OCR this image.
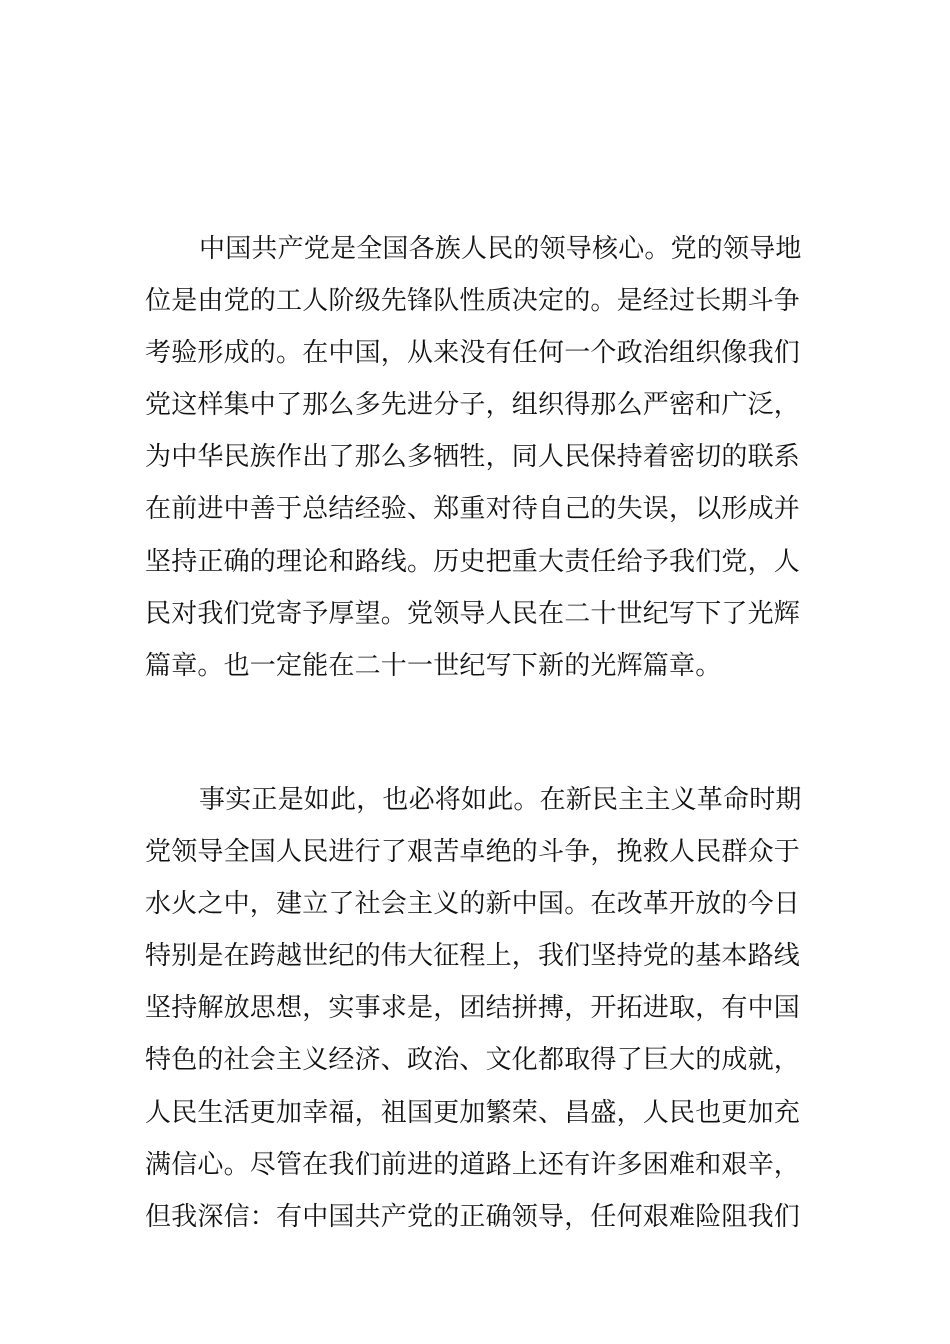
中国共产党是全国各族人民的领导核心。党的领导地
位是由党的工人阶级先锋队性质决定的。是经过长期斗争
考验形成的。在中国，从来没有任何一个政治组织像我们
党这样集中了那么多先进分子，组织得那么严密和广泛，
为中华民族作出了那么多牺牲，同人民保持着密切的联系
在前进中善于总结经验、郑重对待自己的失误，以形成并
坚持正确的理论和路线。历史把重大责任给予我们党，人
民对我们党寄予厚望。党领导人民在二十世纪写下了光辉
篇章。也一定能在二十一世纪写下新的光辉篇章。
事实正是如此，也必将如此。在新民主主义革命时期
党领导全国人民进行了艰苦卓绝的斗争，挽救人民群众于
水火之中，建立了社会主义的新中国。在改革开放的今日
特别是在跨越世纪的伟大征程上，我们坚持党的基本路线
坚持解放思想，实事求是，团结拼搏，开拓进取，有中国
特色的社会主义经济、政治、文化都取得了巨大的成就，
人民生活更加幸福，祖国更加繁荣、昌盛，人民也更加充
满信心。尽管在我们前进的道路上还有许多困难和艰辛，
但我深信：有中国共产党的正确领导，任何艰难险阻我们
